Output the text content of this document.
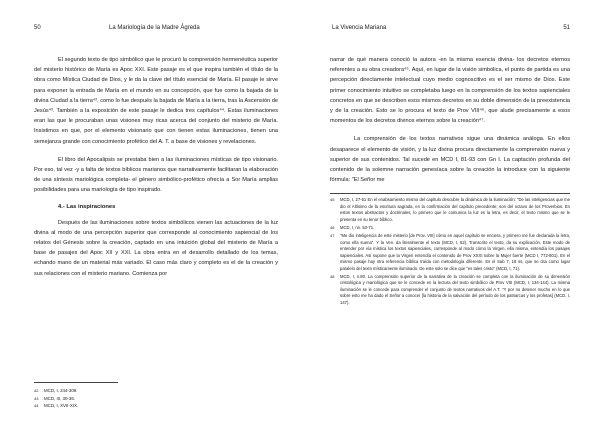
50	La Mariología de la Madre Ágreda

El segundo texto de tipo simbólico que le procuró la comprensión hermenéutica superior del misterio histórico de María es Apoc XXI. Este pasaje es el que inspira también el título de la obra como Mística Ciudad de Dios, y le da la clave del título esencial de María. El pasaje le sirve para exponer la entrada de María en el mundo en su concepción, que fue como la bajada de la divina Ciudad a la tierra⁴², como lo fue después la bajada de María a la tierra, tras la Ascensión de Jesús⁴³. También a la exposición de este pasaje le dedica tres capítulos⁴⁴. Estas iluminaciones eran las que le procuraban unas visiones muy ricas acerca del conjunto del misterio de María. Insistimos en que, por el elemento visionario que con tienen estas iluminaciones, tienen una semejanza grande con conocimiento profético del A. T. a base de visiones y revelaciones.

El libro del Apocalipsis se prestaba bien a las iluminaciones místicas de tipo visionario. Por eso, tal vez -y a falta de textos bíblicos marianos que narrativamente facilitaran la elaboración de una síntesis mariológica completa- el género simbólico-profético ofrecía a Sor María amplias posibilidades para una mariología de tipo inspirado.

4.- Las inspiraciones

Después de las iluminaciones sobre textos simbólicos vienen las actuaciones de la luz divina al modo de una percepción superior que corresponde al conocimiento sapiencial de los relatos del Génesis sobre la creación, captado en una intuición global del misterio de María a base de pasajes del Apoc XII y XXI. La obra entra en el desarrollo detallado de los temas, echando mano de un material más variado. El caso más claro y completo es el de la creación y sus relaciones con el misterio mariano. Comienza por

42	MCD, I, 244-309.
43	MCD, III, 30-36.
44	MCD, I, XVII-XIX.
La Vivencia Mariana	51

narrar de qué manera conoció la autora -en la misma esencia divina- los decretos eternos referentes a su obra creadora⁴⁵. Aquí, en lugar de la visión simbólica, el punto de partida es una percepción directamente intelectual cuyo medio cognoscitivo es el ser mismo de Dios. Este primer conocimiento intuitivo se completaba luego en la comprensión de los textos sapienciales concretos en que se describen esos mismos decretos en su doble dimensión de la preexistencia y de la creación. Esto se lo procura el texto de Prov VIII⁴⁶, que alude precisamente a esos momentos de los decretos divinos eternos sobre la creación⁴⁷.

La comprensión de los textos narrativos sigue una dinámica análoga. En ellos desaparece el elemento de visión, y la luz divina procura directamente la comprensión nueva y superior de sus contenidos. Tal sucede en MCD I, 81-93 con Gn I. La captación profunda del contenido de la solemne narración genesíaca sobre la creación la introduce con la siguiente fórmula: "El Señor me

45	MCD, I, 27-51 En el enabsamiento mismo del capítulo descubre la dinámica de la iluminación: "De las inteligencias que me dio el Altísimo de la escritura sagrada, en la confirmación del capítulo precedente; son del octavo de los Proverbios. En estos textos abstractos y doctrinales, lo primero que le comunica la luz es la letra, es decir, el texto mismo que se le presenta en su tenor bíblico.
46	MCD, I, nn. 53-71.
47	"Me dio inteligencia de este misterio [de Prov. VIII] cómo en aquel capítulo se enciera, y primero me fue declarada la letra, como ella suena". Y la Ven. da literalmente el texto (MCD, I, 52). Transcrito el texto, da su explicación. Este modo de entender por vía mística los textos sapienciales, corresponde al modo cómo la Virgen, ella misma, entendía los pasajes sapienciales. Así supone que la Virgen entendía el contenido de Prov XXXI sobre la Mujer fuerte (MCD I, 772-801). En el mismo pasaje hay otra referencia bíblica traída con metodología diferente. Es el Sab 7, 18 ss, que se cita como lugar paralelo del texto místicamente iluminado. De este solo se dice que "es tales cristo" (MCD, I, 71).
48	MCD, I, n.80. La comprensión superior de la narrativa de la creación se completa con la iluminación de su dimensión cristológica y mariológica que se le concede en la lectura del texto simbólico de Prov VIII (MCD, I, 134-144). La misma iluminación se le concede para comprender el conjunto de textos narrativos del A.T. "Y por no detener mucho en lo que sobre esto me ha dado el Señor a conocer [la historia de la salvación del período de los patriarcas y los profetas] (MCD, I, 147).
